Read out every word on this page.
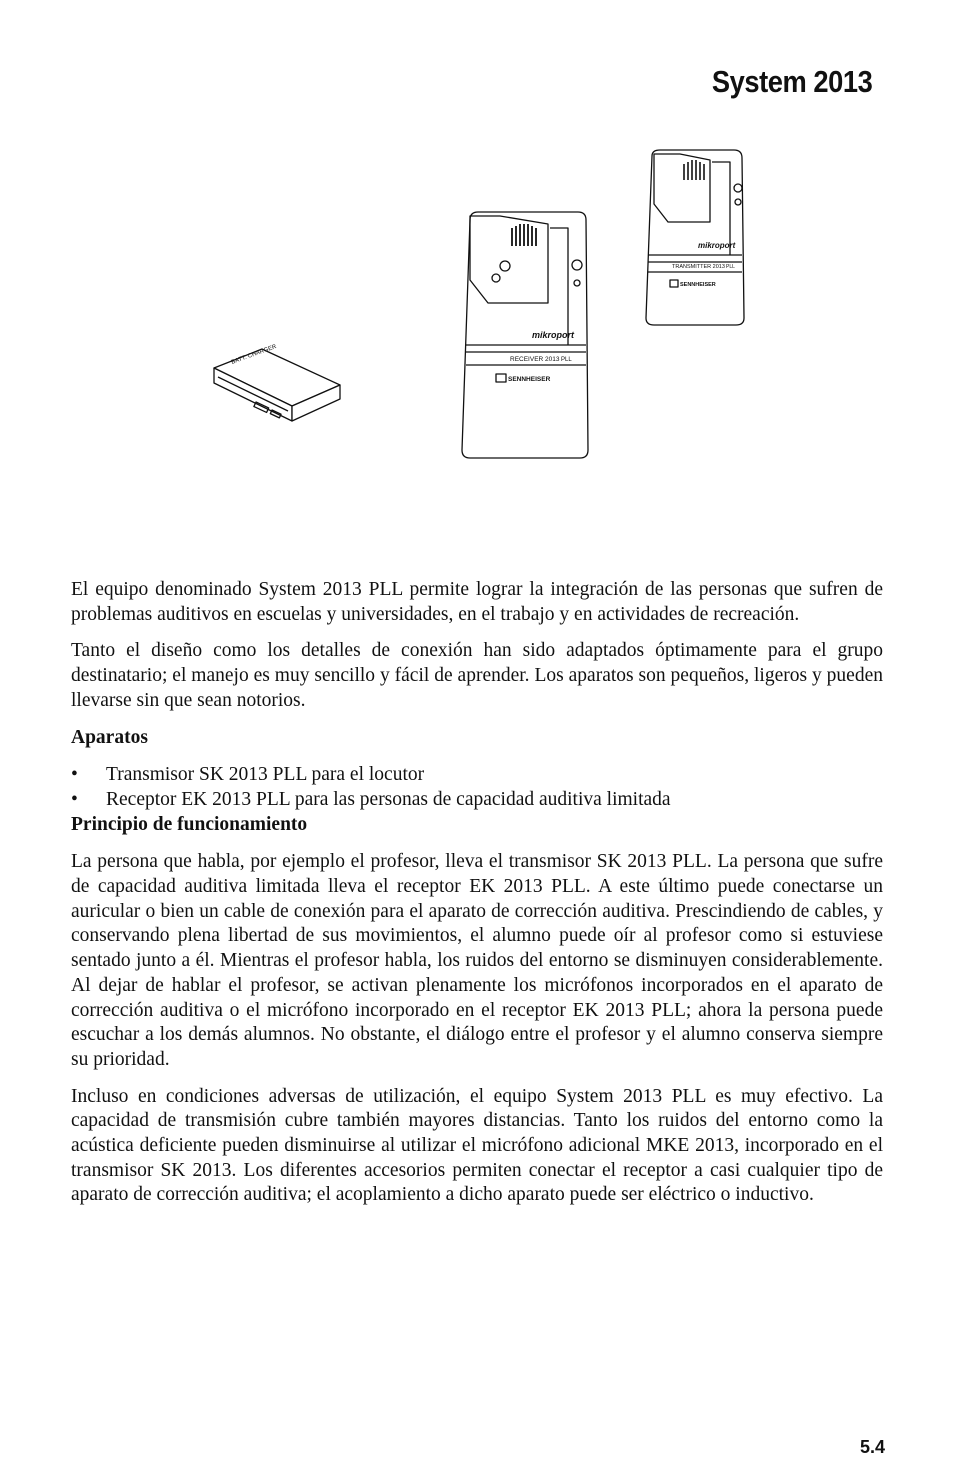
System 2013
BATT. CHARGER
mikroport
RECEIVER 2013 PLL
SENNHEISER
mikroport
TRANSMITTER 2013 PLL
SENNHEISER

El equipo denominado System 2013 PLL permite lograr la integración de las personas que sufren de problemas auditivos en escuelas y universidades, en el trabajo y en actividades de recreación.

Tanto el diseño como los detalles de conexión han sido adaptados óptimamente para el grupo destinatario; el manejo es muy sencillo y fácil de aprender. Los aparatos son pequeños, ligeros y pueden llevarse sin que sean notorios.

Aparatos
• Transmisor SK 2013 PLL para el locutor
• Receptor EK 2013 PLL para las personas de capacidad auditiva limitada
Principio de funcionamiento

La persona que habla, por ejemplo el profesor, lleva el transmisor SK 2013 PLL. La persona que sufre de capacidad auditiva limitada lleva el receptor EK 2013 PLL. A este último puede conectarse un auricular o bien un cable de conexión para el aparato de corrección auditiva. Prescindiendo de cables, y conservando plena libertad de sus movimientos, el alumno puede oír al profesor como si estuviese sentado junto a él. Mientras el profesor habla, los ruidos del entorno se disminuyen considerablemente. Al dejar de hablar el profesor, se activan plenamente los micrófonos incorporados en el aparato de corrección auditiva o el micrófono incorporado en el receptor EK 2013 PLL; ahora la persona puede escuchar a los demás alumnos. No obstante, el diálogo entre el profesor y el alumno conserva siempre su prioridad.

Incluso en condiciones adversas de utilización, el equipo System 2013 PLL es muy efectivo. La capacidad de transmisión cubre también mayores distancias. Tanto los ruidos del entorno como la acústica deficiente pueden disminuirse al utilizar el micrófono adicional MKE 2013, incorporado en el transmisor SK 2013. Los diferentes accesorios permiten conectar el receptor a casi cualquier tipo de aparato de corrección auditiva; el acoplamiento a dicho aparato puede ser eléctrico o inductivo.

5.4
